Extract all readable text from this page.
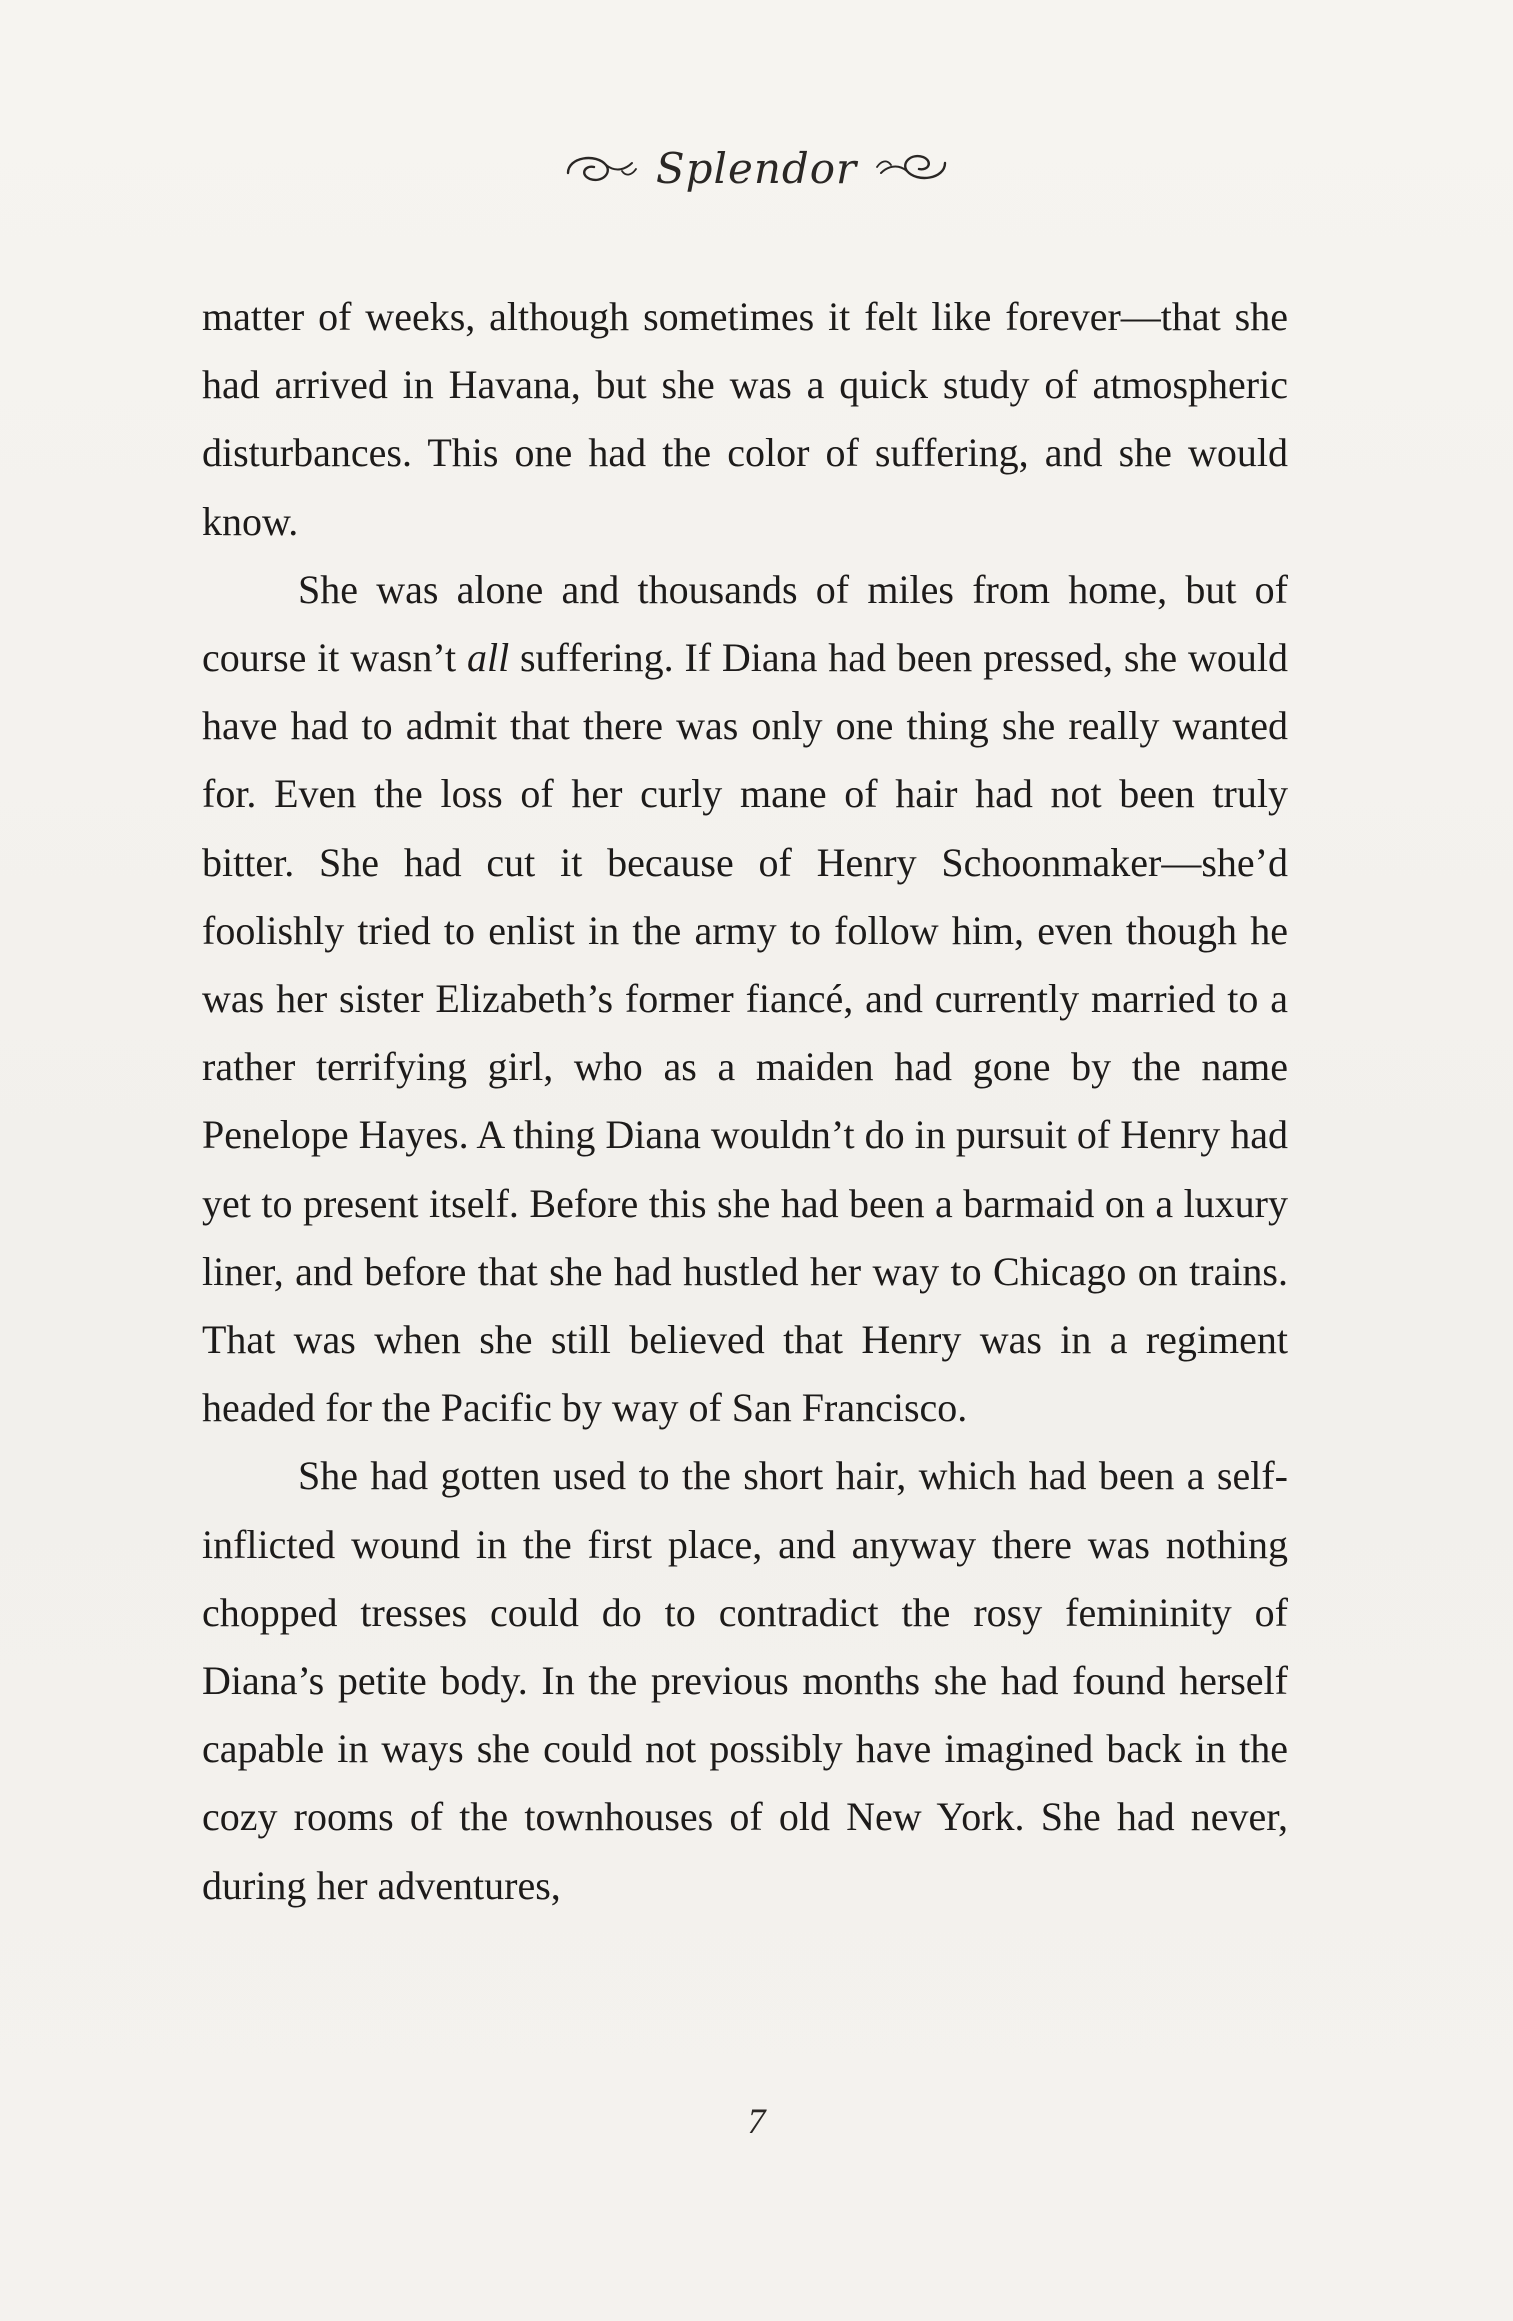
Splendor

matter of weeks, although sometimes it felt like forever—that she had arrived in Havana, but she was a quick study of atmospheric disturbances. This one had the color of suffering, and she would know.

She was alone and thousands of miles from home, but of course it wasn’t all suffering. If Diana had been pressed, she would have had to admit that there was only one thing she really wanted for. Even the loss of her curly mane of hair had not been truly bitter. She had cut it because of Henry Schoonmaker—she’d foolishly tried to enlist in the army to follow him, even though he was her sister Elizabeth’s former fiancé, and currently married to a rather terrifying girl, who as a maiden had gone by the name Penelope Hayes. A thing Diana wouldn’t do in pursuit of Henry had yet to present itself. Before this she had been a barmaid on a luxury liner, and before that she had hustled her way to Chicago on trains. That was when she still believed that Henry was in a regiment headed for the Pacific by way of San Francisco.

She had gotten used to the short hair, which had been a self-inflicted wound in the first place, and anyway there was nothing chopped tresses could do to contradict the rosy femininity of Diana’s petite body. In the previous months she had found herself capable in ways she could not possibly have imagined back in the cozy rooms of the townhouses of old New York. She had never, during her adventures,

7
